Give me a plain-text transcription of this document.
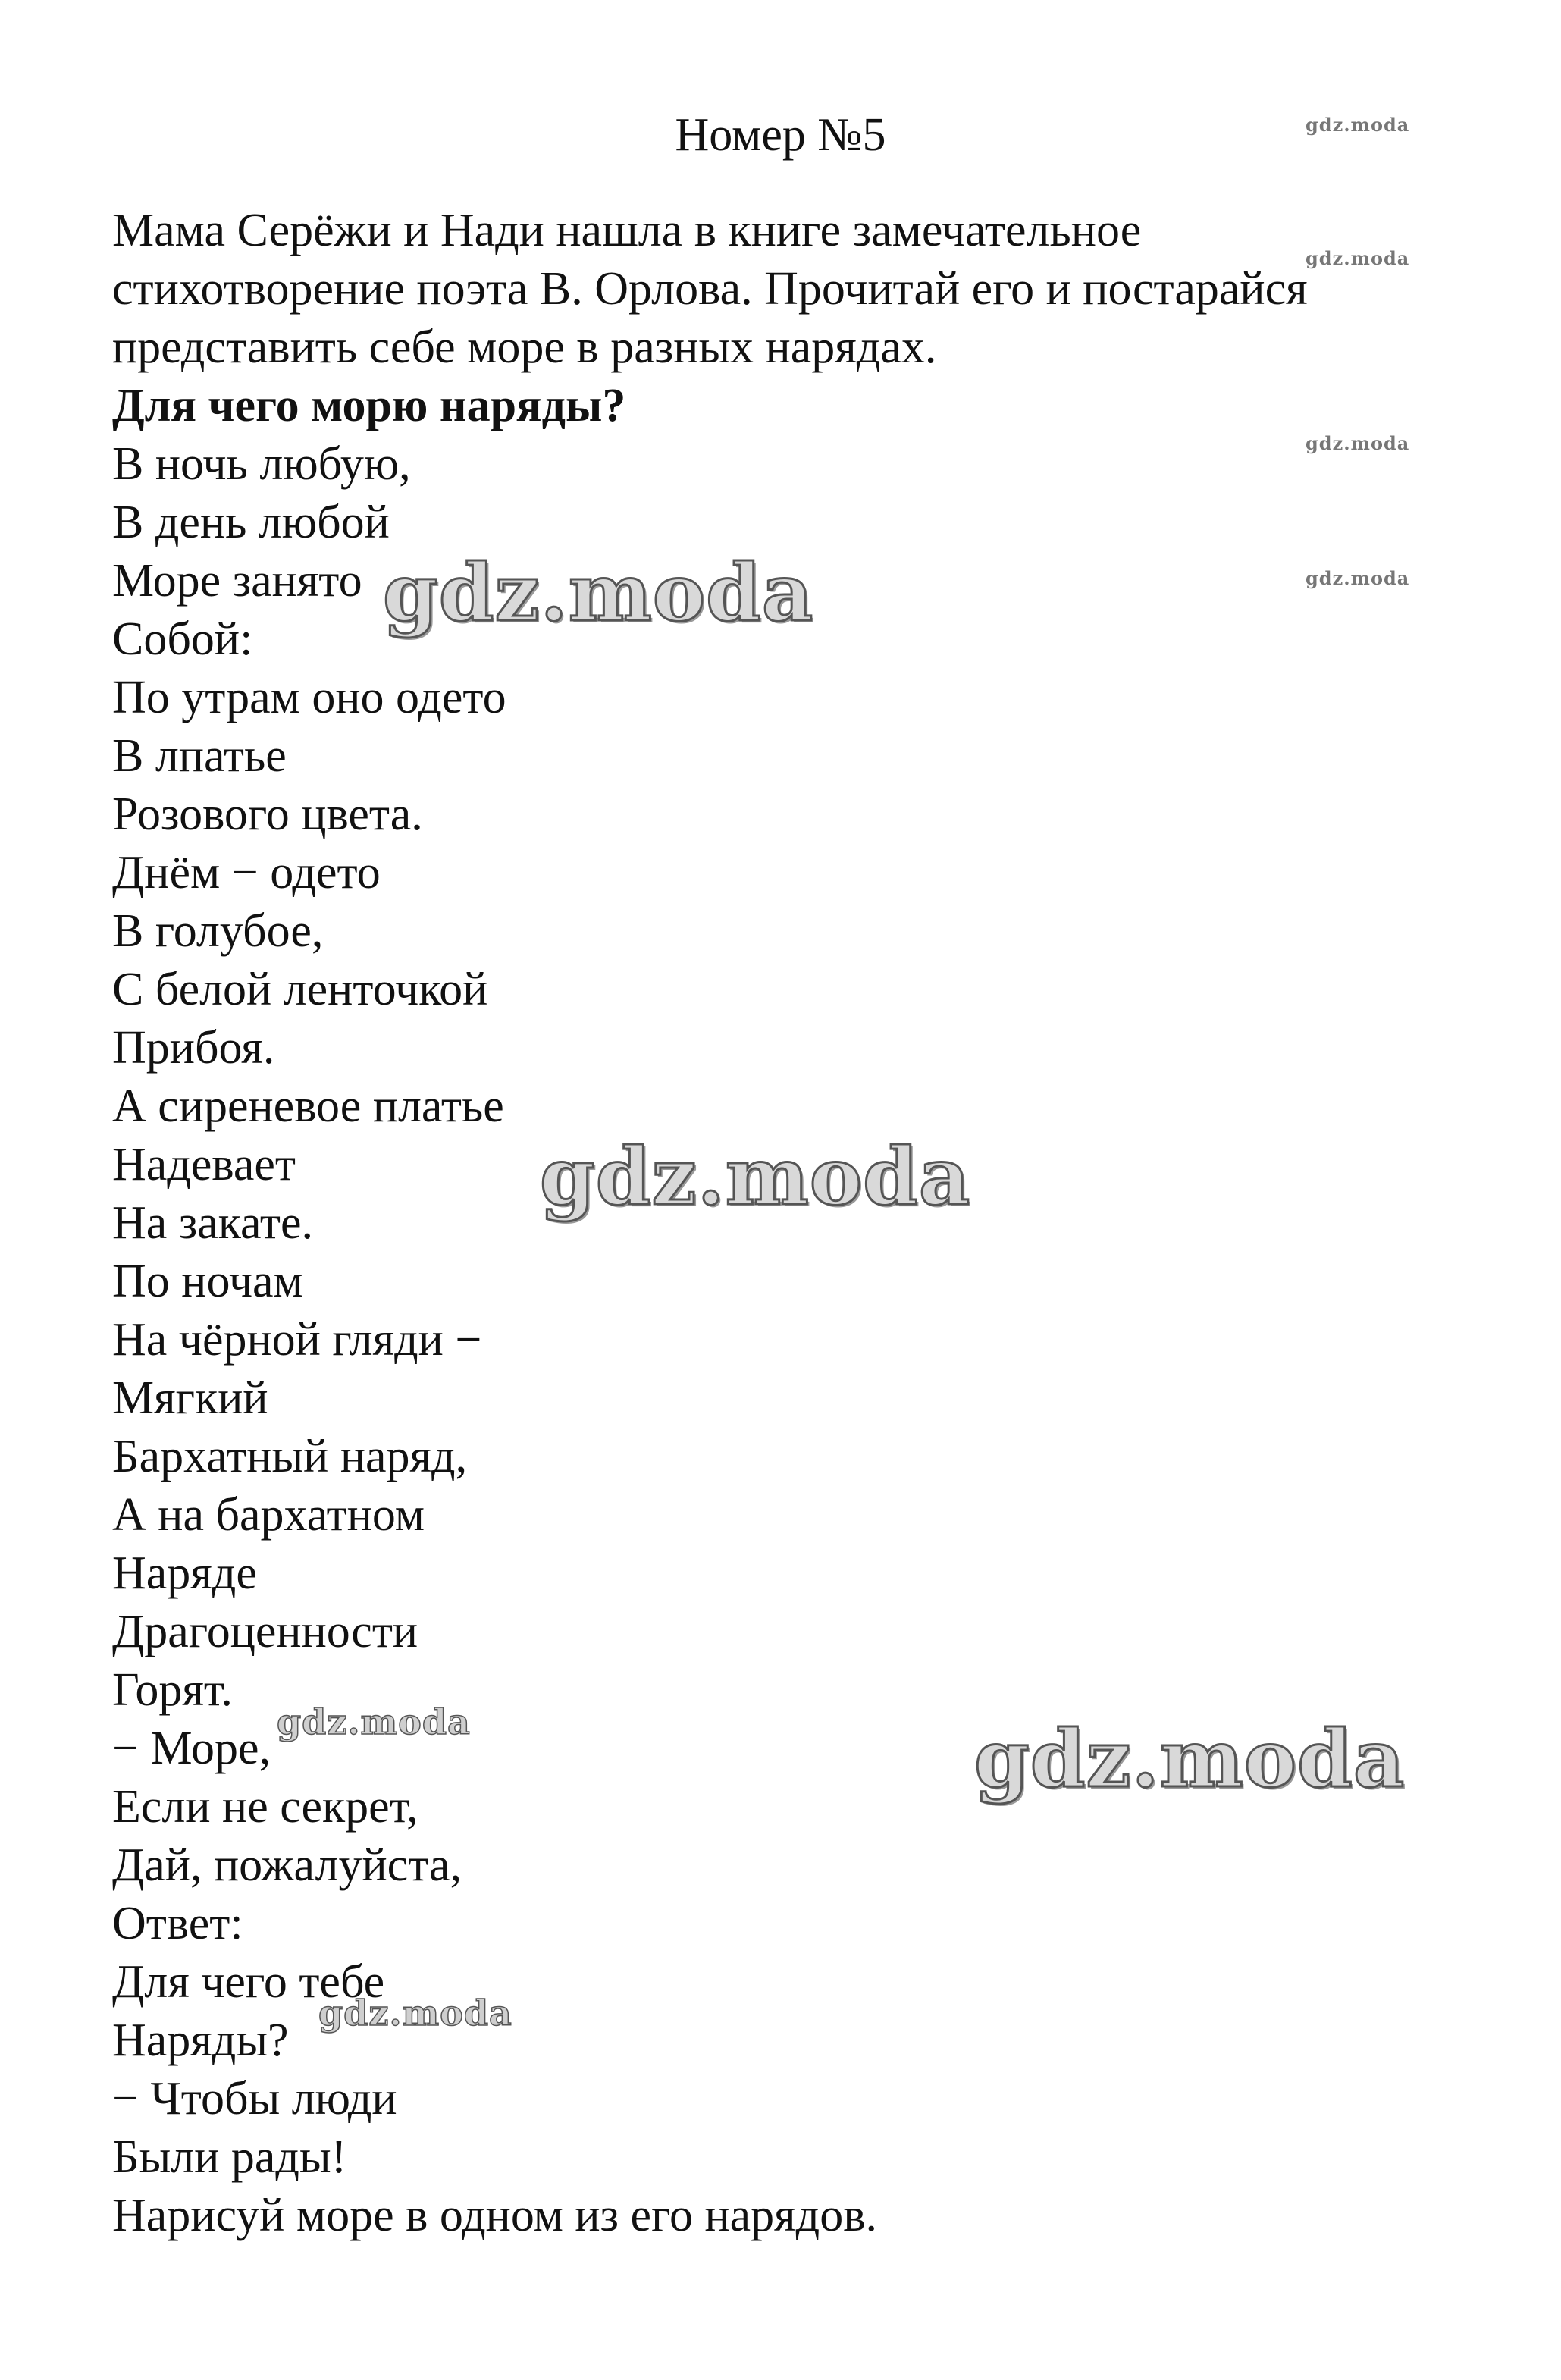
Номер №5

Мама Серёжи и Нади нашла в книге замечательное

стихотворение поэта В. Орлова. Прочитай его и постарайся

представить себе море в разных нарядах.

Для чего морю наряды?

В ночь любую,

В день любой

Море занято

Собой:

По утрам оно одето

В лпатье

Розового цвета.

Днём − одето

В голубое,

С белой ленточкой

Прибоя.

А сиреневое платье

Надевает

На закате.

По ночам

На чёрной гляди −

Мягкий

Бархатный наряд,

А на бархатном

Наряде

Драгоценности

Горят.

− Море,

Если не секрет,

Дай, пожалуйста,

Ответ:

Для чего тебе

Наряды?

− Чтобы люди

Были рады!

Нарисуй море в одном из его нарядов.

gdz.moda
gdz.moda
gdz.moda
gdz.moda
gdz.moda
gdz.moda
gdz.moda
gdz.moda
gdz.moda
